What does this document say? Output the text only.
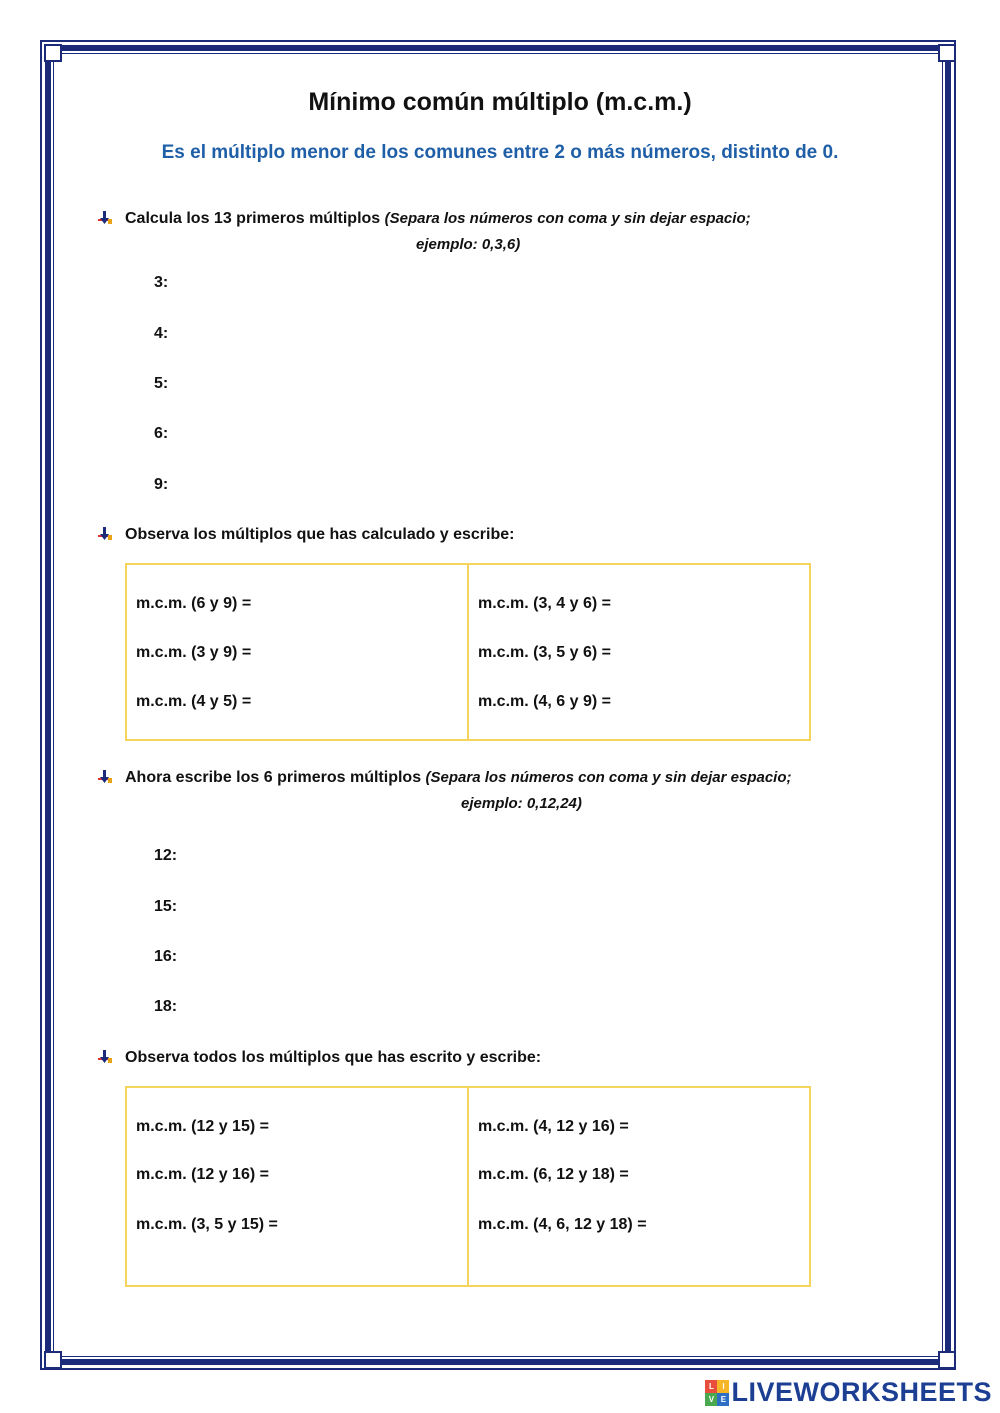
Mínimo común múltiplo (m.c.m.)
Es el múltiplo menor de los comunes entre 2 o más números, distinto de 0.
Calcula los 13 primeros múltiplos (Separa los números con coma y sin dejar espacio;
ejemplo: 0,3,6)
3:
4:
5:
6:
9:
Observa los múltiplos que has calculado y escribe:
m.c.m. (6 y 9) =
m.c.m. (3 y 9) =
m.c.m. (4 y 5) =
m.c.m. (3, 4 y 6) =
m.c.m. (3, 5 y 6) =
m.c.m. (4, 6 y 9) =
Ahora escribe los 6 primeros múltiplos (Separa los números con coma y sin dejar espacio;
ejemplo: 0,12,24)
12:
15:
16:
18:
Observa todos los múltiplos que has escrito y escribe:
m.c.m. (12 y 15) =
m.c.m. (12 y 16) =
m.c.m. (3, 5 y 15) =
m.c.m. (4, 12 y 16) =
m.c.m. (6, 12 y 18) =
m.c.m. (4, 6, 12 y 18) =
L	I
V E LIVEWORKSHEETS
